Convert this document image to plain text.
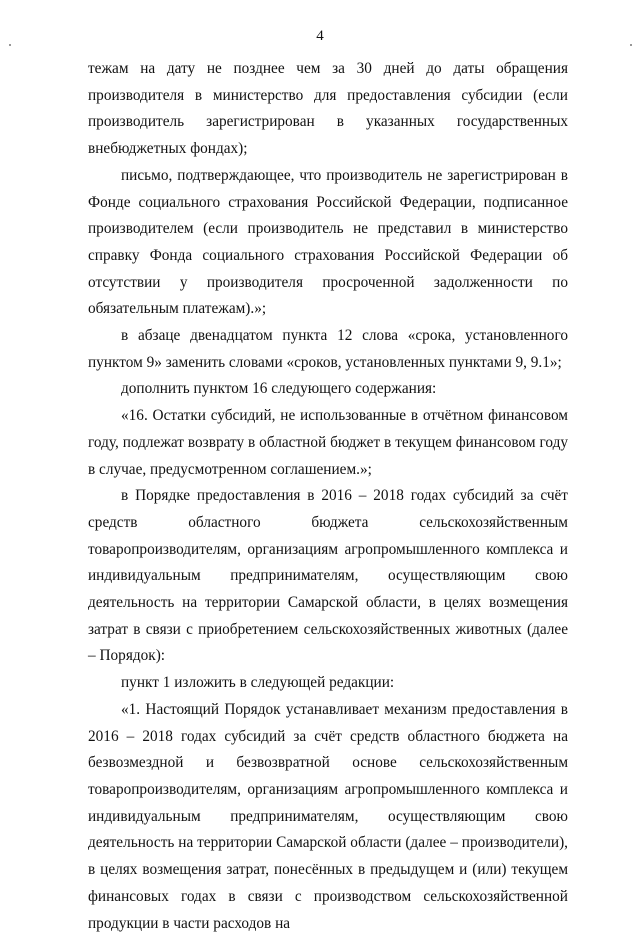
4

тежам на дату не позднее чем за 30 дней до даты обращения производителя в министерство для предоставления субсидии (если производитель зарегистрирован в указанных государственных внебюджетных фондах);

письмо, подтверждающее, что производитель не зарегистрирован в Фонде социального страхования Российской Федерации, подписанное производителем (если производитель не представил в министерство справку Фонда социального страхования Российской Федерации об отсутствии у производителя просроченной задолженности по обязательным платежам).»;

в абзаце двенадцатом пункта 12 слова «срока, установленного пунктом 9» заменить словами «сроков, установленных пунктами 9, 9.1»;

дополнить пунктом 16 следующего содержания:

«16. Остатки субсидий, не использованные в отчётном финансовом году, подлежат возврату в областной бюджет в текущем финансовом году в случае, предусмотренном соглашением.»;

в Порядке предоставления в 2016 – 2018 годах субсидий за счёт средств областного бюджета сельскохозяйственным товаропроизводителям, организациям агропромышленного комплекса и индивидуальным предпринимателям, осуществляющим свою деятельность на территории Самарской области, в целях возмещения затрат в связи с приобретением сельскохозяйственных животных (далее – Порядок):

пункт 1 изложить в следующей редакции:

«1. Настоящий Порядок устанавливает механизм предоставления в 2016 – 2018 годах субсидий за счёт средств областного бюджета на безвозмездной и безвозвратной основе сельскохозяйственным товаропроизводителям, организациям агропромышленного комплекса и индивидуальным предпринимателям, осуществляющим свою деятельность на территории Самарской области (далее – производители), в целях возмещения затрат, понесённых в предыдущем и (или) текущем финансовых годах в связи с производством сельскохозяйственной продукции в части расходов на
